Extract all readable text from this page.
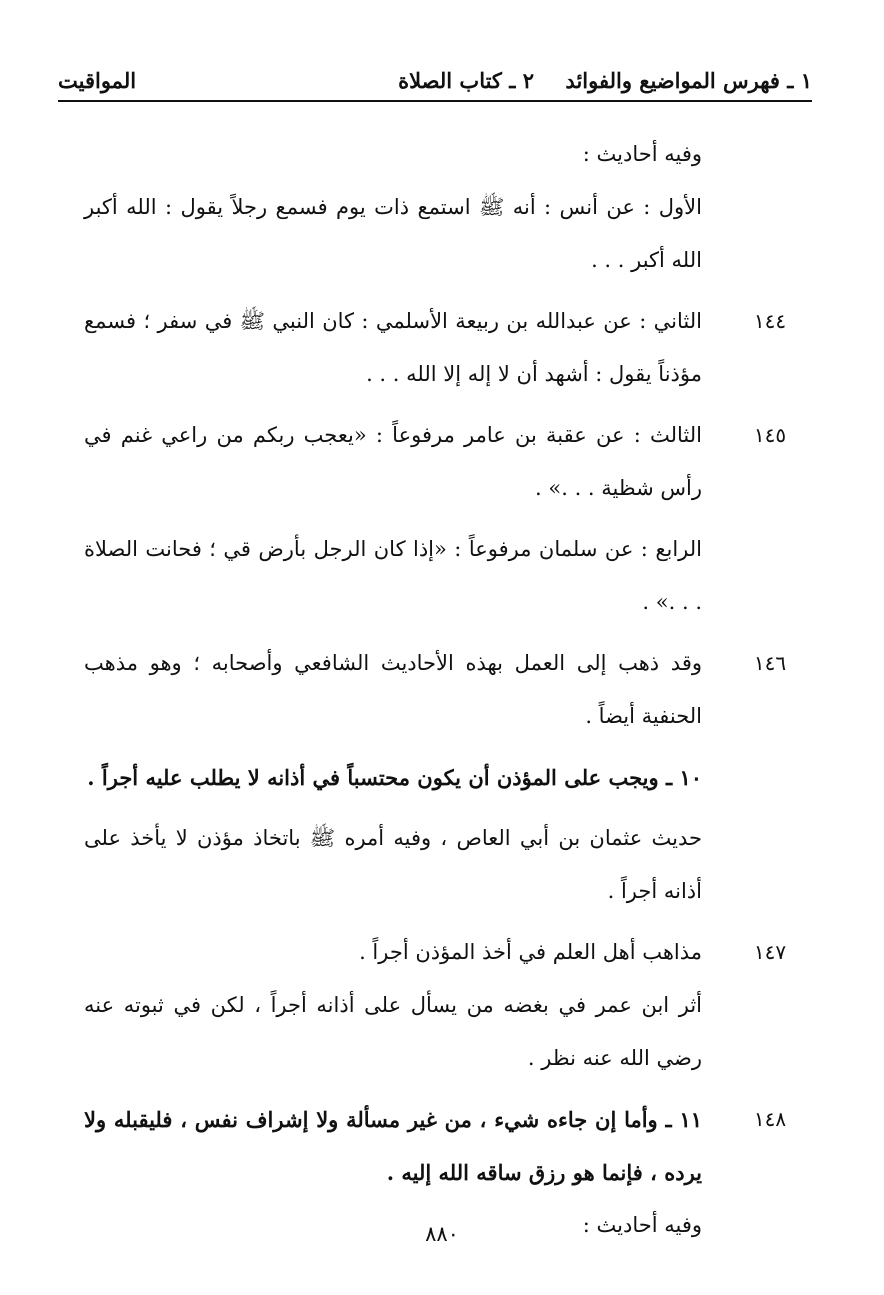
١ ـ فهرس المواضيع والفوائد
٢ ـ كتاب الصلاة
المواقيت

وفيه أحاديث :

الأول : عن أنس : أنه ﷺ استمع ذات يوم فسمع رجلاً يقول : الله أكبر الله أكبر . . .

١٤٤
الثاني : عن عبدالله بن ربيعة الأسلمي : كان النبي ﷺ في سفر ؛ فسمع مؤذناً يقول : أشهد أن لا إله إلا الله . . .

١٤٥
الثالث : عن عقبة بن عامر مرفوعاً : «يعجب ربكم من راعي غنم في رأس شظية . . .» .

الرابع : عن سلمان مرفوعاً : «إذا كان الرجل بأرض قي ؛ فحانت الصلاة . . .» .

١٤٦
وقد ذهب إلى العمل بهذه الأحاديث الشافعي وأصحابه ؛ وهو مذهب الحنفية أيضاً .

١٠ ـ ويجب على المؤذن أن يكون محتسباً في أذانه لا يطلب عليه أجراً .

حديث عثمان بن أبي العاص ، وفيه أمره ﷺ باتخاذ مؤذن لا يأخذ على أذانه أجراً .

١٤٧
مذاهب أهل العلم في أخذ المؤذن أجراً .

أثر ابن عمر في بغضه من يسأل على أذانه أجراً ، لكن في ثبوته عنه رضي الله عنه نظر .

١٤٨
١١ ـ وأما إن جاءه شيء ، من غير مسألة ولا إشراف نفس ، فليقبله ولا يرده ، فإنما هو رزق ساقه الله إليه .

وفيه أحاديث :

٨٨٠
